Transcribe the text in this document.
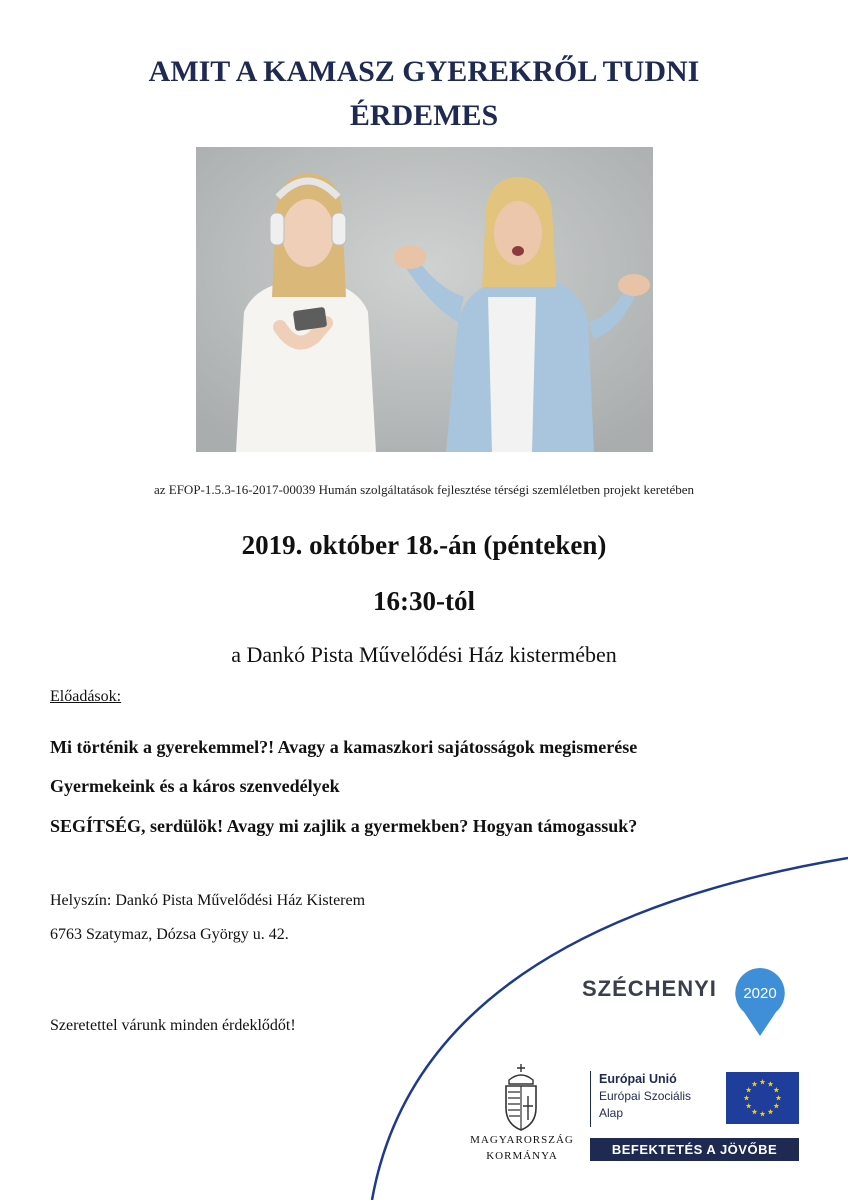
AMIT A KAMASZ GYEREKRŐL TUDNI
ÉRDEMES
az EFOP-1.5.3-16-2017-00039 Humán szolgáltatások fejlesztése térségi szemléletben projekt keretében
2019. október 18.-án (pénteken)
16:30-tól
a Dankó Pista Művelődési Ház kistermében
Előadások:
Mi történik a gyerekemmel?! Avagy a kamaszkori sajátosságok megismerése
Gyermekeink és a káros szenvedélyek
SEGÍTSÉG, serdülök! Avagy mi zajlik a gyermekben? Hogyan támogassuk?
Helyszín: Dankó Pista Művelődési Ház Kisterem
6763 Szatymaz, Dózsa György u. 42.
Szeretettel várunk minden érdeklődőt!
SZÉCHENYI 2020
MAGYARORSZÁG
KORMÁNYA
Európai Unió
Európai Szociális
Alap
BEFEKTETÉS A JÖVŐBE
